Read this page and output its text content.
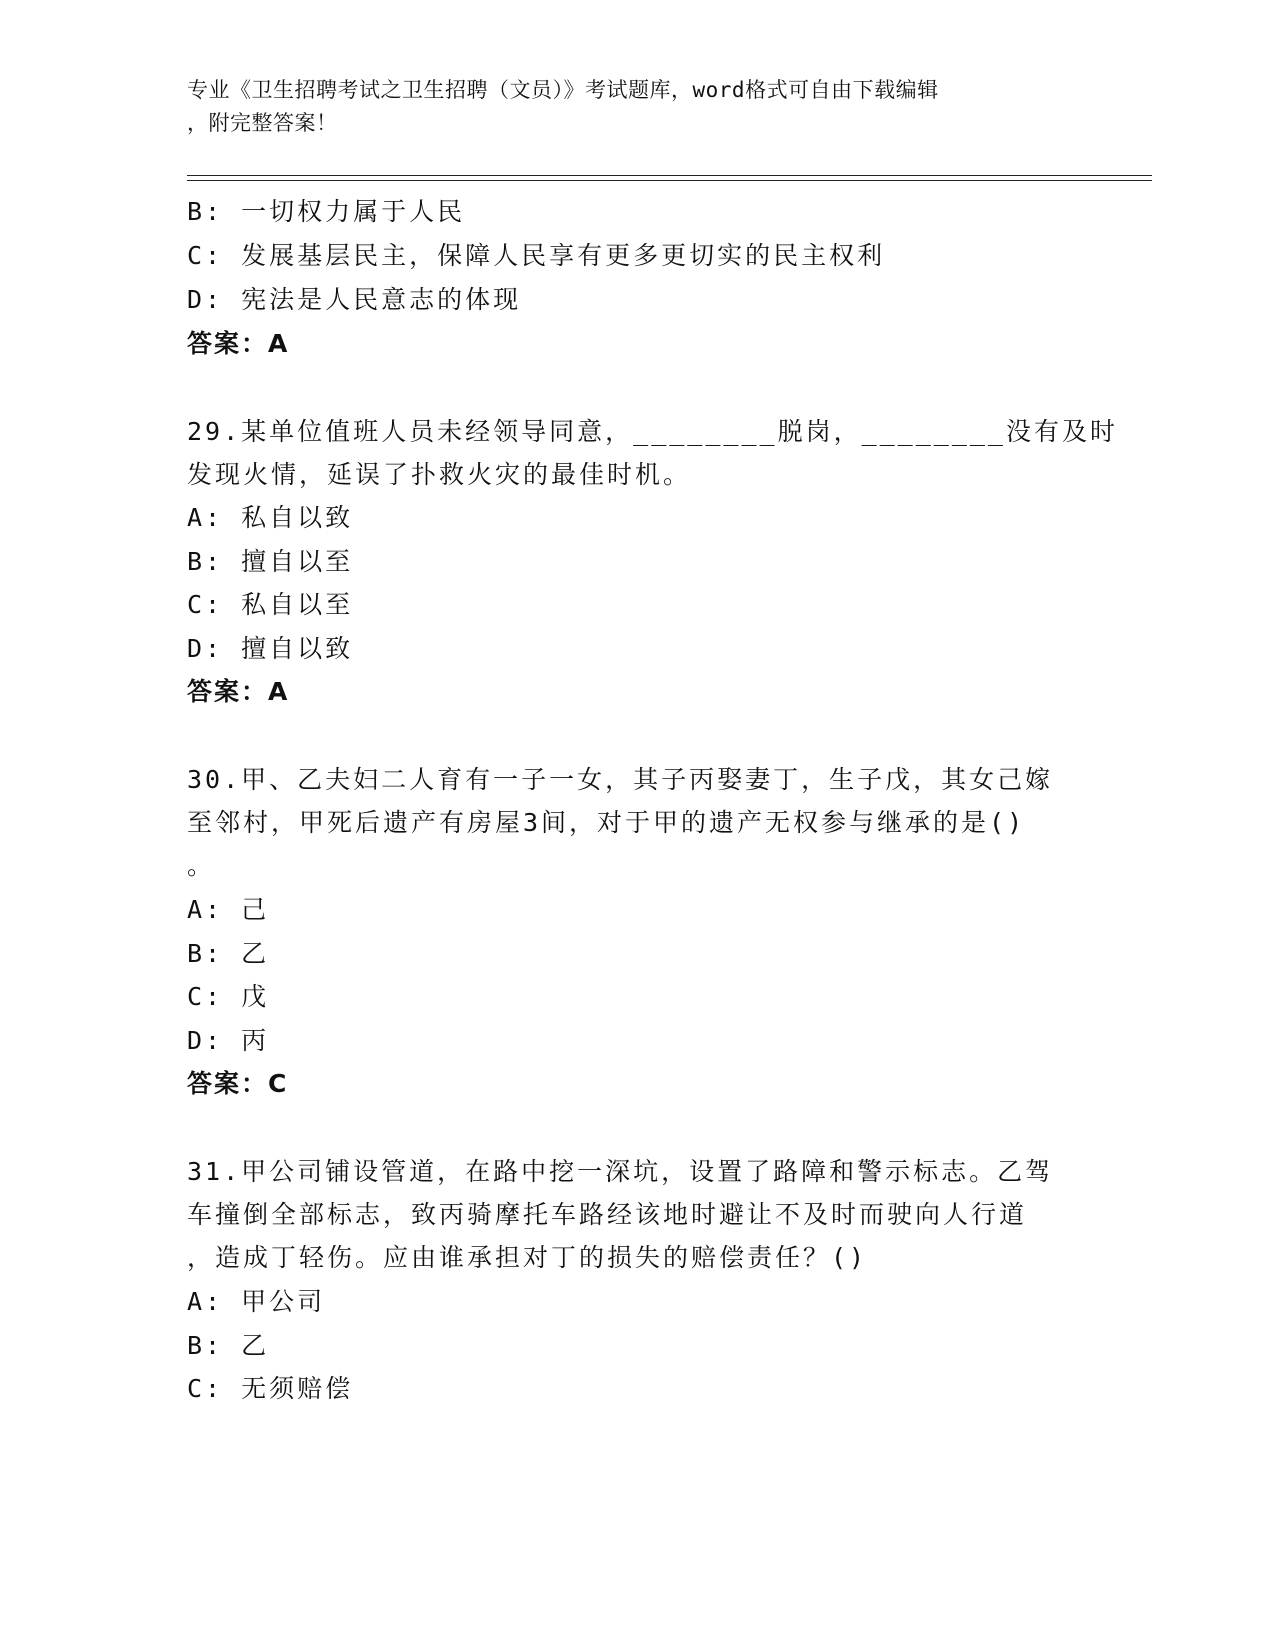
专业《卫生招聘考试之卫生招聘（文员）》考试题库，word格式可自由下载编辑
，附完整答案！
B: 一切权力属于人民
C: 发展基层民主，保障人民享有更多更切实的民主权利
D: 宪法是人民意志的体现
答案：A
29.某单位值班人员未经领导同意，________脱岗，________没有及时
发现火情，延误了扑救火灾的最佳时机。
A: 私自以致
B: 擅自以至
C: 私自以至
D: 擅自以致
答案：A
30.甲、乙夫妇二人育有一子一女，其子丙娶妻丁，生子戊，其女己嫁
至邻村，甲死后遗产有房屋3间，对于甲的遗产无权参与继承的是()
。
A: 己
B: 乙
C: 戊
D: 丙
答案：C
31.甲公司铺设管道，在路中挖一深坑，设置了路障和警示标志。乙驾
车撞倒全部标志，致丙骑摩托车路经该地时避让不及时而驶向人行道
，造成丁轻伤。应由谁承担对丁的损失的赔偿责任？()
A: 甲公司
B: 乙
C: 无须赔偿
